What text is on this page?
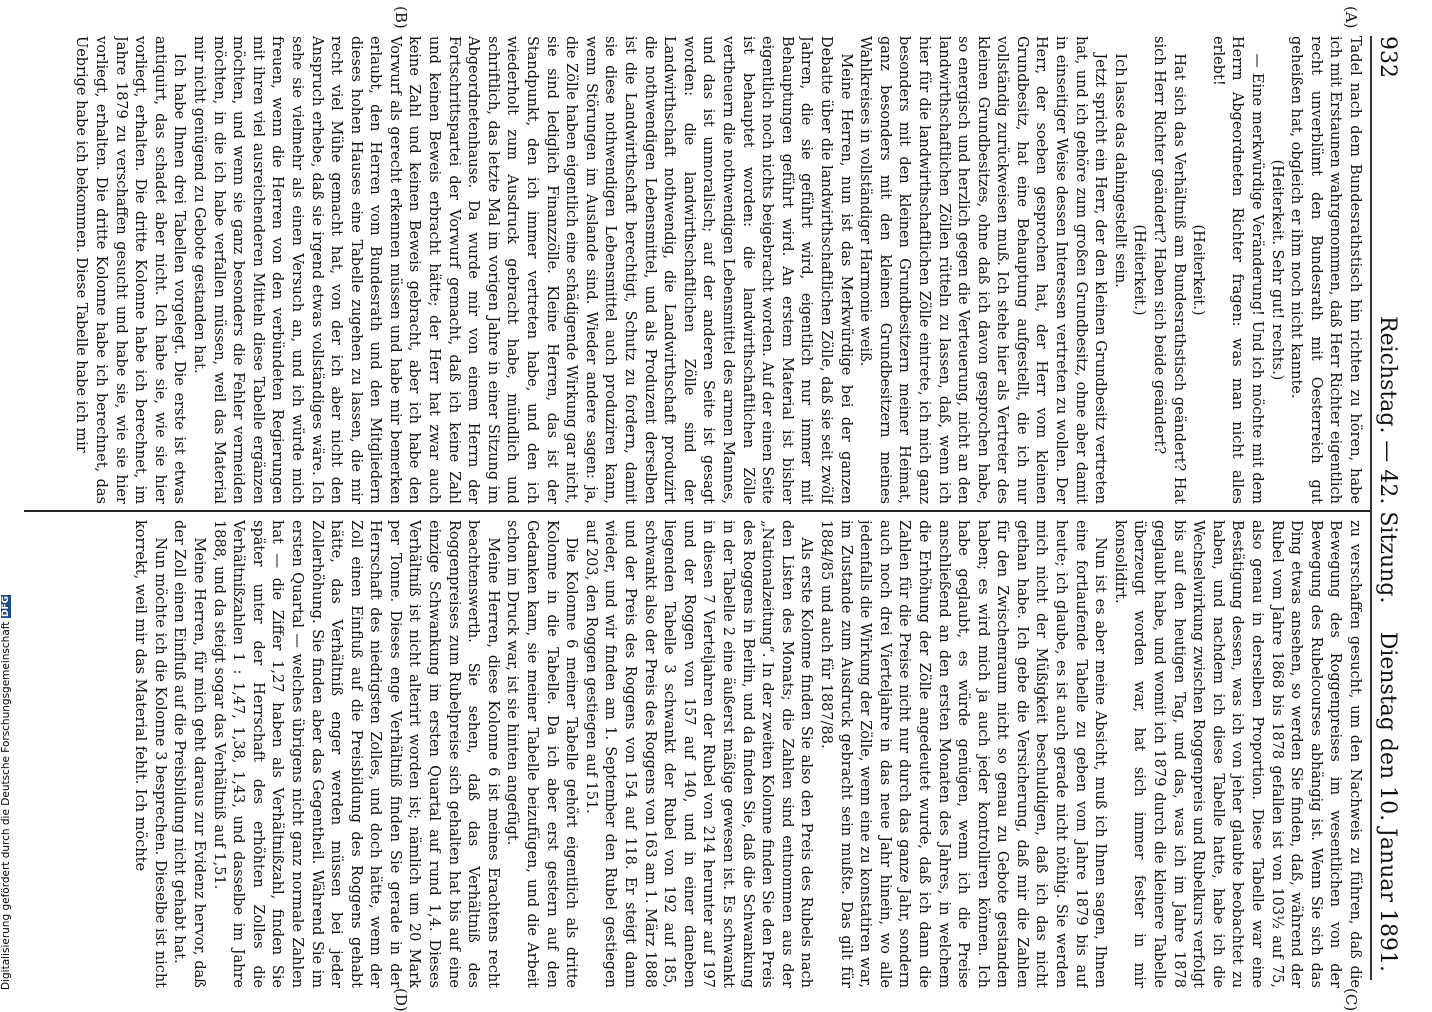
932
Reichstag. — 42. Sitzung.
Dienstag den 10. Januar 1891.
(A)
(B)
(C)
(D)

Tadel nach dem Bundesrathstisch hin richten zu hören, habe ich mit Erstaunen wahrgenommen, daß Herr Richter eigentlich recht unverblümt den Bundesrath mit Oesterreich gut geheißen hat, obgleich er ihm noch nicht kannte.

(Heiterkeit. Sehr gut! rechts.)

— Eine merkwürdige Veränderung! Und ich möchte mit dem Herrn Abgeordneten Richter fragen: was man nicht alles erlebt!

(Heiterkeit.)

Hat sich das Verhältniß am Bundesrathstisch geändert? Hat sich Herr Richter geändert? Haben sich beide geändert?

(Heiterkeit.)

Ich lasse das dahingestellt sein.

Jetzt spricht ein Herr, der den kleinen Grundbesitz vertreten hat, und ich gehöre zum großen Grundbesitz, ohne aber damit in einseitiger Weise dessen Interessen vertreten zu wollen. Der Herr, der soeben gesprochen hat, der Herr vom kleinen Grundbesitz, hat eine Behauptung aufgestellt, die ich nur vollständig zurückweisen muß. Ich stehe hier als Vertreter des kleinen Grundbesitzes, ohne daß ich davon gesprochen habe, so energisch und herzlich gegen die Verteuerung, nicht an den landwirthschaftlichen Zöllen rütteln zu lassen, daß, wenn ich hier für die landwirthschaftlichen Zölle eintrete, ich mich ganz besonders mit den kleinen Grundbesitzern meiner Heimat, ganz besonders mit den kleinen Grundbesitzern meines Wahlkreises in vollständiger Harmonie weiß.

Meine Herren, nun ist das Merkwürdige bei der ganzen Debatte über die landwirthschaftlichen Zölle, daß sie seit zwölf Jahren, die sie geführt wird, eigentlich nur immer mit Behauptungen geführt wird. An erstem Material ist bisher eigentlich noch nichts beigebracht worden. Auf der einen Seite ist behauptet worden: die landwirthschaftlichen Zölle vertheuern die nothwendigen Lebensmittel des armen Mannes, und das ist unmoralisch; auf der anderen Seite ist gesagt worden: die landwirthschaftlichen Zölle sind der Landwirthschaft nothwendig, die Landwirthschaft produzirt die nothwendigen Lebensmittel, und als Produzent derselben ist die Landwirthschaft berechtigt, Schutz zu fordern, damit sie diese nothwendigen Lebensmittel auch produziren kann, wenn Störungen im Auslande sind. Wieder andere sagen: ja, die Zölle haben eigentlich eine schädigende Wirkung gar nicht, sie sind lediglich Finanzzölle. Kleine Herren, das ist der Standpunkt, den ich immer vertreten habe, und den ich wiederholt zum Ausdruck gebracht habe, mündlich und schriftlich, das letzte Mal im vorigen Jahre in einer Sitzung im Abgeordnetenhause. Da wurde mir von einem Herrn der Fortschrittspartei der Vorwurf gemacht, daß ich keine Zahl und keinen Beweis erbracht hätte; der Herr hat zwar auch keine Zahl und keinen Beweis gebracht, aber ich habe den Vorwurf als gerecht erkennen müssen und habe mir bemerken erlaubt, den Herren vom Bundesrath und den Mitgliedern dieses hohen Hauses eine Tabelle zugehen zu lassen, die mir recht viel Mühe gemacht hat, von der ich aber nicht den Anspruch erhebe, daß sie irgend etwas vollständiges wäre. Ich sehe sie vielmehr als einen Versuch an, und ich würde mich freuen, wenn die Herren von den verbündeten Regierungen mit ihren viel ausreichenderen Mitteln diese Tabelle ergänzen möchten, und wenn sie ganz besonders die Fehler vermeiden möchten, in die ich habe verfallen müssen, weil das Material mir nicht genügend zu Gebote gestanden hat.

Ich habe Ihnen drei Tabellen vorgelegt. Die erste ist etwas antiquirt, das schadet aber nicht. Ich habe sie, wie sie hier vorliegt, erhalten. Die dritte Kolonne habe ich berechnet, im Jahre 1879 zu verschaffen gesucht und habe sie, wie sie hier vorliegt, erhalten. Die dritte Kolonne habe ich berechnet, das Uebrige habe ich bekommen. Diese Tabelle habe ich mir

zu verschaffen gesucht, um den Nachweis zu führen, daß die Bewegung des Roggenpreises im wesentlichen von der Bewegung des Rubelcourses abhängig ist. Wenn Sie sich das Ding etwas ansehen, so werden Sie finden, daß, während der Rubel vom Jahre 1868 bis 1878 gefallen ist von 103½ auf 75, also genau in derselben Proportion. Diese Tabelle war eine Bestätigung dessen, was ich von jeher glaubte beobachtet zu haben, und nachdem ich diese Tabelle hatte, habe ich die Wechselwirkung zwischen Roggenpreis und Rubelkurs verfolgt bis auf den heutigen Tag, und das, was ich im Jahre 1878 geglaubt habe, und womit ich 1879 durch die kleinere Tabelle überzeugt worden war, hat sich immer fester in mir konsolidirt.

Nun ist es aber meine Absicht, muß ich Ihnen sagen, Ihnen eine fortlaufende Tabelle zu geben vom Jahre 1879 bis auf heute; ich glaube, es ist auch gerade nicht nöthig. Sie werden mich nicht der Müßigkeit beschuldigen, daß ich das nicht gethan habe. Ich gebe die Versicherung, daß mir die Zahlen für den Zwischenraum nicht so genau zu Gebote gestanden haben; es wird mich ja auch jeder kontrolliren können. Ich habe geglaubt, es würde genügen, wenn ich die Preise anschließend an den ersten Monaten des Jahres, in welchem die Erhöhung der Zölle angedeutet wurde, daß ich dann die Zahlen für die Preise nicht nur durch das ganze Jahr, sondern auch noch drei Vierteljahre in das neue Jahr hinein, wo alle jedenfalls die Wirkung der Zölle, wenn eine zu konstatiren war, im Zustande zum Ausdruck gebracht sein mußte. Das gilt für 1884/85 und auch für 1887/88.

Als erste Kolonne finden Sie also den Preis des Rubels nach den Listen des Monats; die Zahlen sind entnommen aus der „Nationalzeitung“. In der zweiten Kolonne finden Sie den Preis des Roggens in Berlin, und da finden Sie, daß die Schwankung in der Tabelle 2 eine äußerst mäßige gewesen ist. Es schwankt in diesen 7 Vierteljahren der Rubel von 214 herunter auf 197 und der Roggen von 157 auf 140, und in einer daneben liegenden Tabelle 3 schwankt der Rubel von 192 auf 185, schwankt also der Preis des Roggens von 163 am 1. März 1888 und der Preis des Roggens von 154 auf 118. Er steigt dann wieder, und wir finden am 1. September den Rubel gestiegen auf 203, den Roggen gestiegen auf 151.

Die Kolonne 6 meiner Tabelle gehört eigentlich als dritte Kolonne in die Tabelle. Da ich aber erst gestern auf den Gedanken kam, sie meiner Tabelle beizufügen, und die Arbeit schon im Druck war, ist sie hinten angefügt.

Meine Herren, diese Kolonne 6 ist meines Erachtens recht beachtenswerth. Sie sehen, daß das Verhältniß des Roggenpreises zum Rubelpreise sich gehalten hat bis auf eine einzige Schwankung im ersten Quartal auf rund 1,4. Dieses Verhältniß ist nicht alterirt worden ist; nämlich um 20 Mark per Tonne. Dieses enge Verhältniß finden Sie gerade in der Herrschaft des niedrigsten Zolles, und doch hätte, wenn der Zoll einen Einfluß auf die Preisbildung des Roggens gehabt hätte, das Verhältniß enger werden müssen bei jeder Zollerhöhung. Sie finden aber das Gegentheil. Während Sie im ersten Quartal — welches übrigens nicht ganz normale Zahlen hat — die Ziffer 1,27 haben als Verhältnißzahl, finden Sie später unter der Herrschaft des erhöhten Zolles die Verhältnißzahlen 1 : 1,47, 1,38, 1,43, und dasselbe im Jahre 1888, und da steigt sogar das Verhältniß auf 1,51.

Meine Herren, für mich geht daraus zur Evidenz hervor, daß der Zoll einen Einfluß auf die Preisbildung nicht gehabt hat.

Nun möchte ich die Kolonne 3 besprechen. Dieselbe ist nicht korrekt, weil mir das Material fehlt. Ich möchte

Digitalisierung gefördert durch die Deutsche Forschungsgemeinschaft DFG
